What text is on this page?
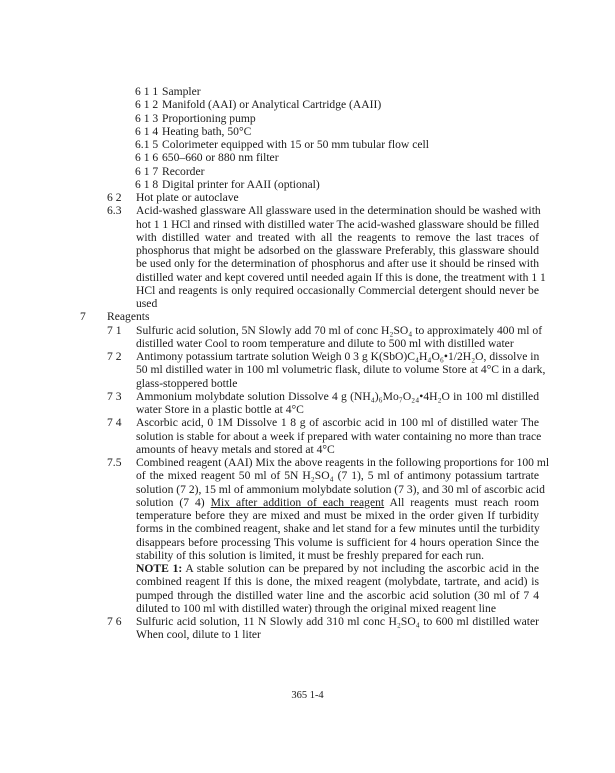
6 1 1 Sampler
6 1 2 Manifold (AAI) or Analytical Cartridge (AAII)
6 1 3 Proportioning pump
6 1 4 Heating bath, 50°C
6.1 5 Colorimeter equipped with 15 or 50 mm tubular flow cell
6 1 6 650–660 or 880 nm filter
6 1 7 Recorder
6 1 8 Digital printer for AAII (optional)
6 2 Hot plate or autoclave
6.3 Acid-washed glassware All glassware used in the determination should be washed with
hot 1 1 HCl and rinsed with distilled water The acid-washed glassware should be filled
with distilled water and treated with all the reagents to remove the last traces of
phosphorus that might be adsorbed on the glassware Preferably, this glassware should
be used only for the determination of phosphorus and after use it should be rinsed with
distilled water and kept covered until needed again If this is done, the treatment with 1 1
HCl and reagents is only required occasionally Commercial detergent should never be
used
7 Reagents
7 1 Sulfuric acid solution, 5N Slowly add 70 ml of conc H₂SO₄ to approximately 400 ml of
distilled water Cool to room temperature and dilute to 500 ml with distilled water
7 2 Antimony potassium tartrate solution Weigh 0 3 g K(SbO)C₄H₄O₆•1/2H₂O, dissolve in
50 ml distilled water in 100 ml volumetric flask, dilute to volume Store at 4°C in a dark,
glass-stoppered bottle
7 3 Ammonium molybdate solution Dissolve 4 g (NH₄)₆Mo₇O₂₄•4H₂O in 100 ml distilled
water Store in a plastic bottle at 4°C
7 4 Ascorbic acid, 0 1M Dissolve 1 8 g of ascorbic acid in 100 ml of distilled water The
solution is stable for about a week if prepared with water containing no more than trace
amounts of heavy metals and stored at 4°C
7.5 Combined reagent (AAI) Mix the above reagents in the following proportions for 100 ml
of the mixed reagent 50 ml of 5N H₂SO₄ (7 1), 5 ml of antimony potassium tartrate
solution (7 2), 15 ml of ammonium molybdate solution (7 3), and 30 ml of ascorbic acid
solution (7 4) Mix after addition of each reagent All reagents must reach room
temperature before they are mixed and must be mixed in the order given If turbidity
forms in the combined reagent, shake and let stand for a few minutes until the turbidity
disappears before processing This volume is sufficient for 4 hours operation Since the
stability of this solution is limited, it must be freshly prepared for each run.
NOTE 1: A stable solution can be prepared by not including the ascorbic acid in the
combined reagent If this is done, the mixed reagent (molybdate, tartrate, and acid) is
pumped through the distilled water line and the ascorbic acid solution (30 ml of 7 4
diluted to 100 ml with distilled water) through the original mixed reagent line
7 6 Sulfuric acid solution, 11 N Slowly add 310 ml conc H₂SO₄ to 600 ml distilled water
When cool, dilute to 1 liter
365 1-4
